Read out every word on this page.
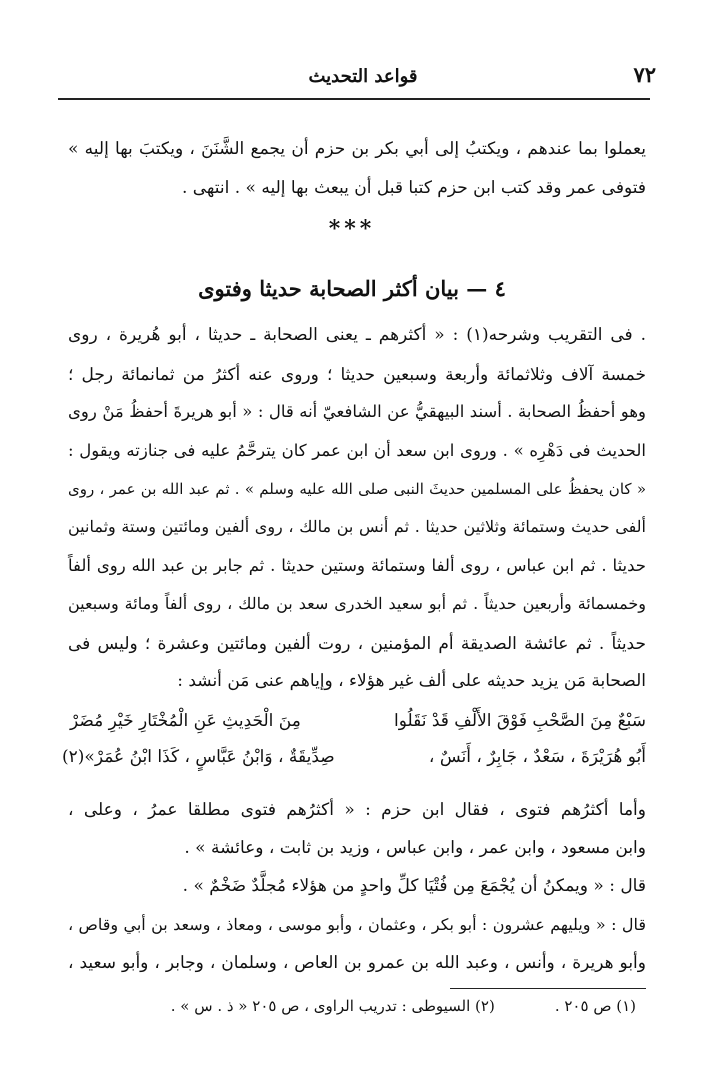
٧٢
قواعد التحديث
يعملوا بما عندهم ، ويكتبُ إلى أبي بكر بن حزم أن يجمع الشَّنَنَ ، ويكتبَ بها إليه »
فتوفى عمر وقد كتب ابن حزم كتبا قبل أن يبعث بها إليه » . انتهى .
***
٤ — بيان أكثر الصحابة حديثا وفتوى
. فى التقريب وشرحه(١) : « أكثرهم ـ يعنى الصحابة ـ حديثا ، أبو هُريرة ، روى
خمسة آلاف وثلاثمائة وأربعة وسبعين حديثا ؛ وروى عنه أكثرُ من ثمانمائة رجل ؛
وهو أحفظُ الصحابة . أسند البيهقيُّ عن الشافعيّ أنه قال : « أبو هريرةَ أحفظُ مَنْ روى
الحديث فى دَهْرِه » . وروى ابن سعد أن ابن عمر كان يترحَّمُ عليه فى جنازته ويقول :
« كان يحفظُ على المسلمين حديثَ النبى صلى الله عليه وسلم » . ثم عبد الله بن عمر ، روى
ألفى حديث وستمائة وثلاثين حديثا . ثم أنس بن مالك ، روى ألفين ومائتين وستة وثمانين
حديثا . ثم ابن عباس ، روى ألفا وستمائة وستين حديثا . ثم جابر بن عبد الله روى ألفاً
وخمسمائة وأربعين حديثاً . ثم أبو سعيد الخدرى سعد بن مالك ، روى ألفاً ومائة وسبعين
حديثاً . ثم عائشة الصديقة أم المؤمنين ، روت ألفين ومائتين وعشرة ؛ وليس فى
الصحابة مَن يزيد حديثه على ألف غير هؤلاء ، وإياهم عنى مَن أنشد :
سَبْعٌ مِنَ الصَّحْبِ فَوْقَ الأَلْفِ قَدْ نَقَلُوا
مِنَ الْحَدِيثِ عَنِ الْمُخْتَارِ خَيْرِ مُضَرْ
أَبُو هُرَيْرَةَ ، سَعْدٌ ، جَابِرٌ ، أَنَسٌ ،
صِدِّيقَةٌ ، وَابْنُ عَبَّاسٍ ، كَذَا ابْنُ عُمَرْ»(٢)
وأما أكثرُهم فتوى ، فقال ابن حزم : « أكثرُهم فتوى مطلقا عمرُ ، وعلى ،
وابن مسعود ، وابن عمر ، وابن عباس ، وزيد بن ثابت ، وعائشة » .
قال : « ويمكنُ أن يُجْمَعَ مِن فُتْيَا كلِّ واحدٍ من هؤلاء مُجلَّدٌ ضَخْمٌ » .
قال : « ويليهم عشرون : أبو بكر ، وعثمان ، وأبو موسى ، ومعاذ ، وسعد بن أبي وقاص ،
وأبو هريرة ، وأنس ، وعبد الله بن عمرو بن العاص ، وسلمان ، وجابر ، وأبو سعيد ،
(١) ص ٢٠٥ .(٢) السيوطى : تدريب الراوى ، ص ٢٠٥ « ذ . س » .
